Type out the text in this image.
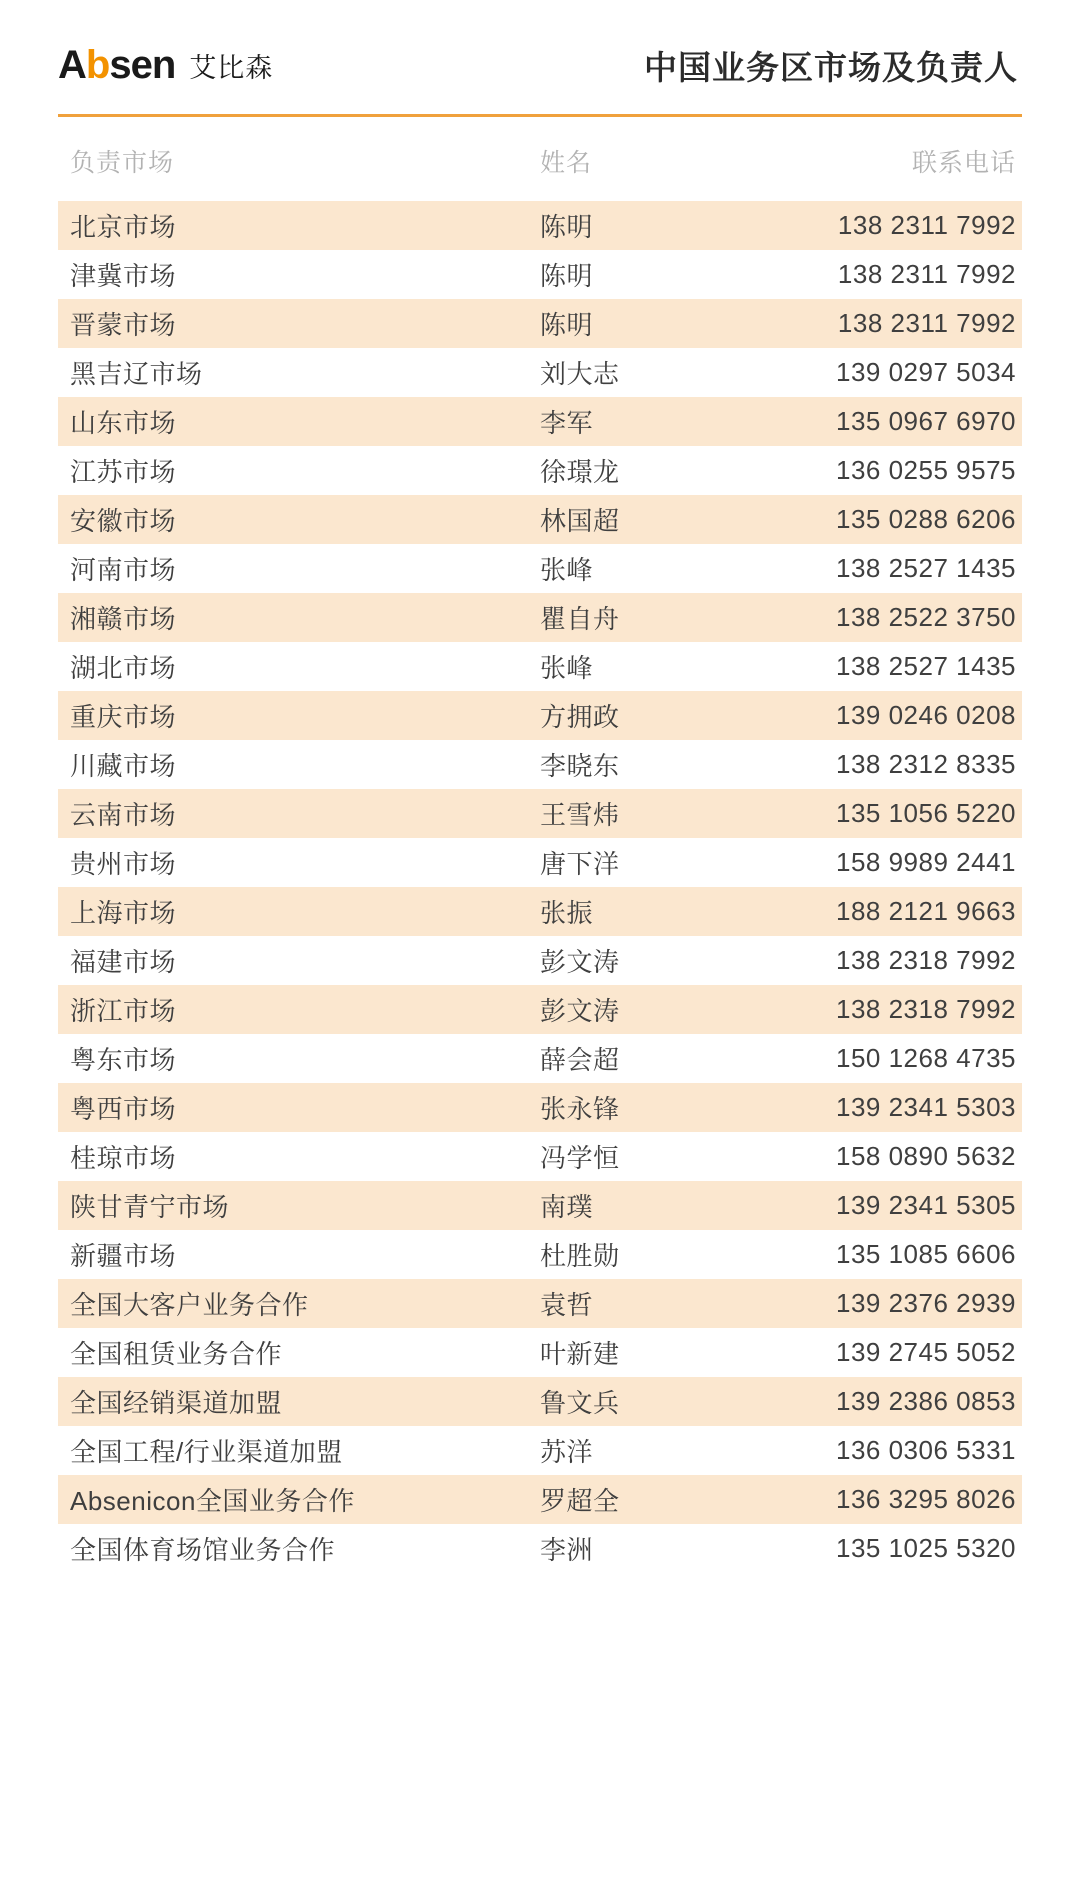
Absen 艾比森	中国业务区市场及负责人
负责市场	姓名	联系电话
北京市场	陈明	138 2311 7992
津冀市场	陈明	138 2311 7992
晋蒙市场	陈明	138 2311 7992
黑吉辽市场	刘大志	139 0297 5034
山东市场	李军	135 0967 6970
江苏市场	徐璟龙	136 0255 9575
安徽市场	林国超	135 0288 6206
河南市场	张峰	138 2527 1435
湘赣市场	瞿自舟	138 2522 3750
湖北市场	张峰	138 2527 1435
重庆市场	方拥政	139 0246 0208
川藏市场	李晓东	138 2312 8335
云南市场	王雪炜	135 1056 5220
贵州市场	唐下洋	158 9989 2441
上海市场	张振	188 2121 9663
福建市场	彭文涛	138 2318 7992
浙江市场	彭文涛	138 2318 7992
粤东市场	薛会超	150 1268 4735
粤西市场	张永锋	139 2341 5303
桂琼市场	冯学恒	158 0890 5632
陕甘青宁市场	南璞	139 2341 5305
新疆市场	杜胜勋	135 1085 6606
全国大客户业务合作	袁哲	139 2376 2939
全国租赁业务合作	叶新建	139 2745 5052
全国经销渠道加盟	鲁文兵	139 2386 0853
全国工程/行业渠道加盟	苏洋	136 0306 5331
Absenicon全国业务合作	罗超全	136 3295 8026
全国体育场馆业务合作	李洲	135 1025 5320
